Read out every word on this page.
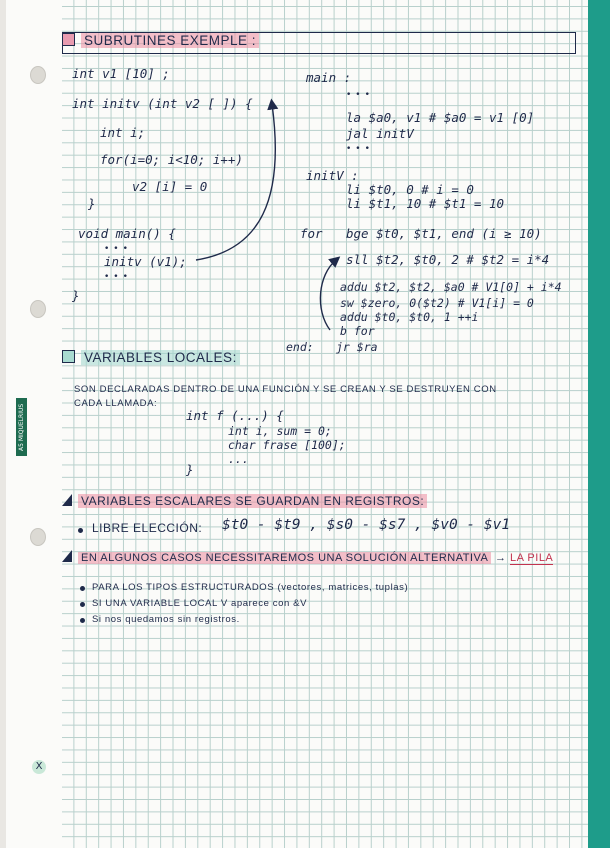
A5 MIQUELRIUS
SUBRUTINES EXEMPLE :
int v1 [10] ;
int initv (int v2 [ ]) {
int i;
for(i=0; i<10; i++)
v2 [i] = 0
}
void main() {
•••
initv (v1);
•••
}
main :
•••
la $a0, v1 # $a0 = v1 [0]
jal initV
•••
initV :
li $t0, 0 # i = 0
li $t1, 10 # $t1 = 10
for bge $t0, $t1, end (i ≥ 10)
sll $t2, $t0, 2 # $t2 = i*4
addu $t2, $t2, $a0 # V1[0] + i*4
sw $zero, 0($t2) # V1[i] = 0
addu $t0, $t0, 1 ++i
b for
end: jr $ra
VARIABLES LOCALES:
SON DECLARADAS DENTRO DE UNA FUNCIÓN Y SE CREAN Y SE DESTRUYEN CON
CADA LLAMADA:
int f (...) {
int i, sum = 0;
char frase [100];
...
}
VARIABLES ESCALARES SE GUARDAN EN REGISTROS:
LIBRE ELECCIÓN: $t0 - $t9 , $s0 - $s7 , $v0 - $v1
EN ALGUNOS CASOS NECESSITAREMOS UNA SOLUCIÓN ALTERNATIVA → LA PILA
PARA LOS TIPOS ESTRUCTURADOS (vectores, matrices, tuplas)
SI UNA VARIABLE LOCAL V aparece con &V
Si nos quedamos sin registros.
X
